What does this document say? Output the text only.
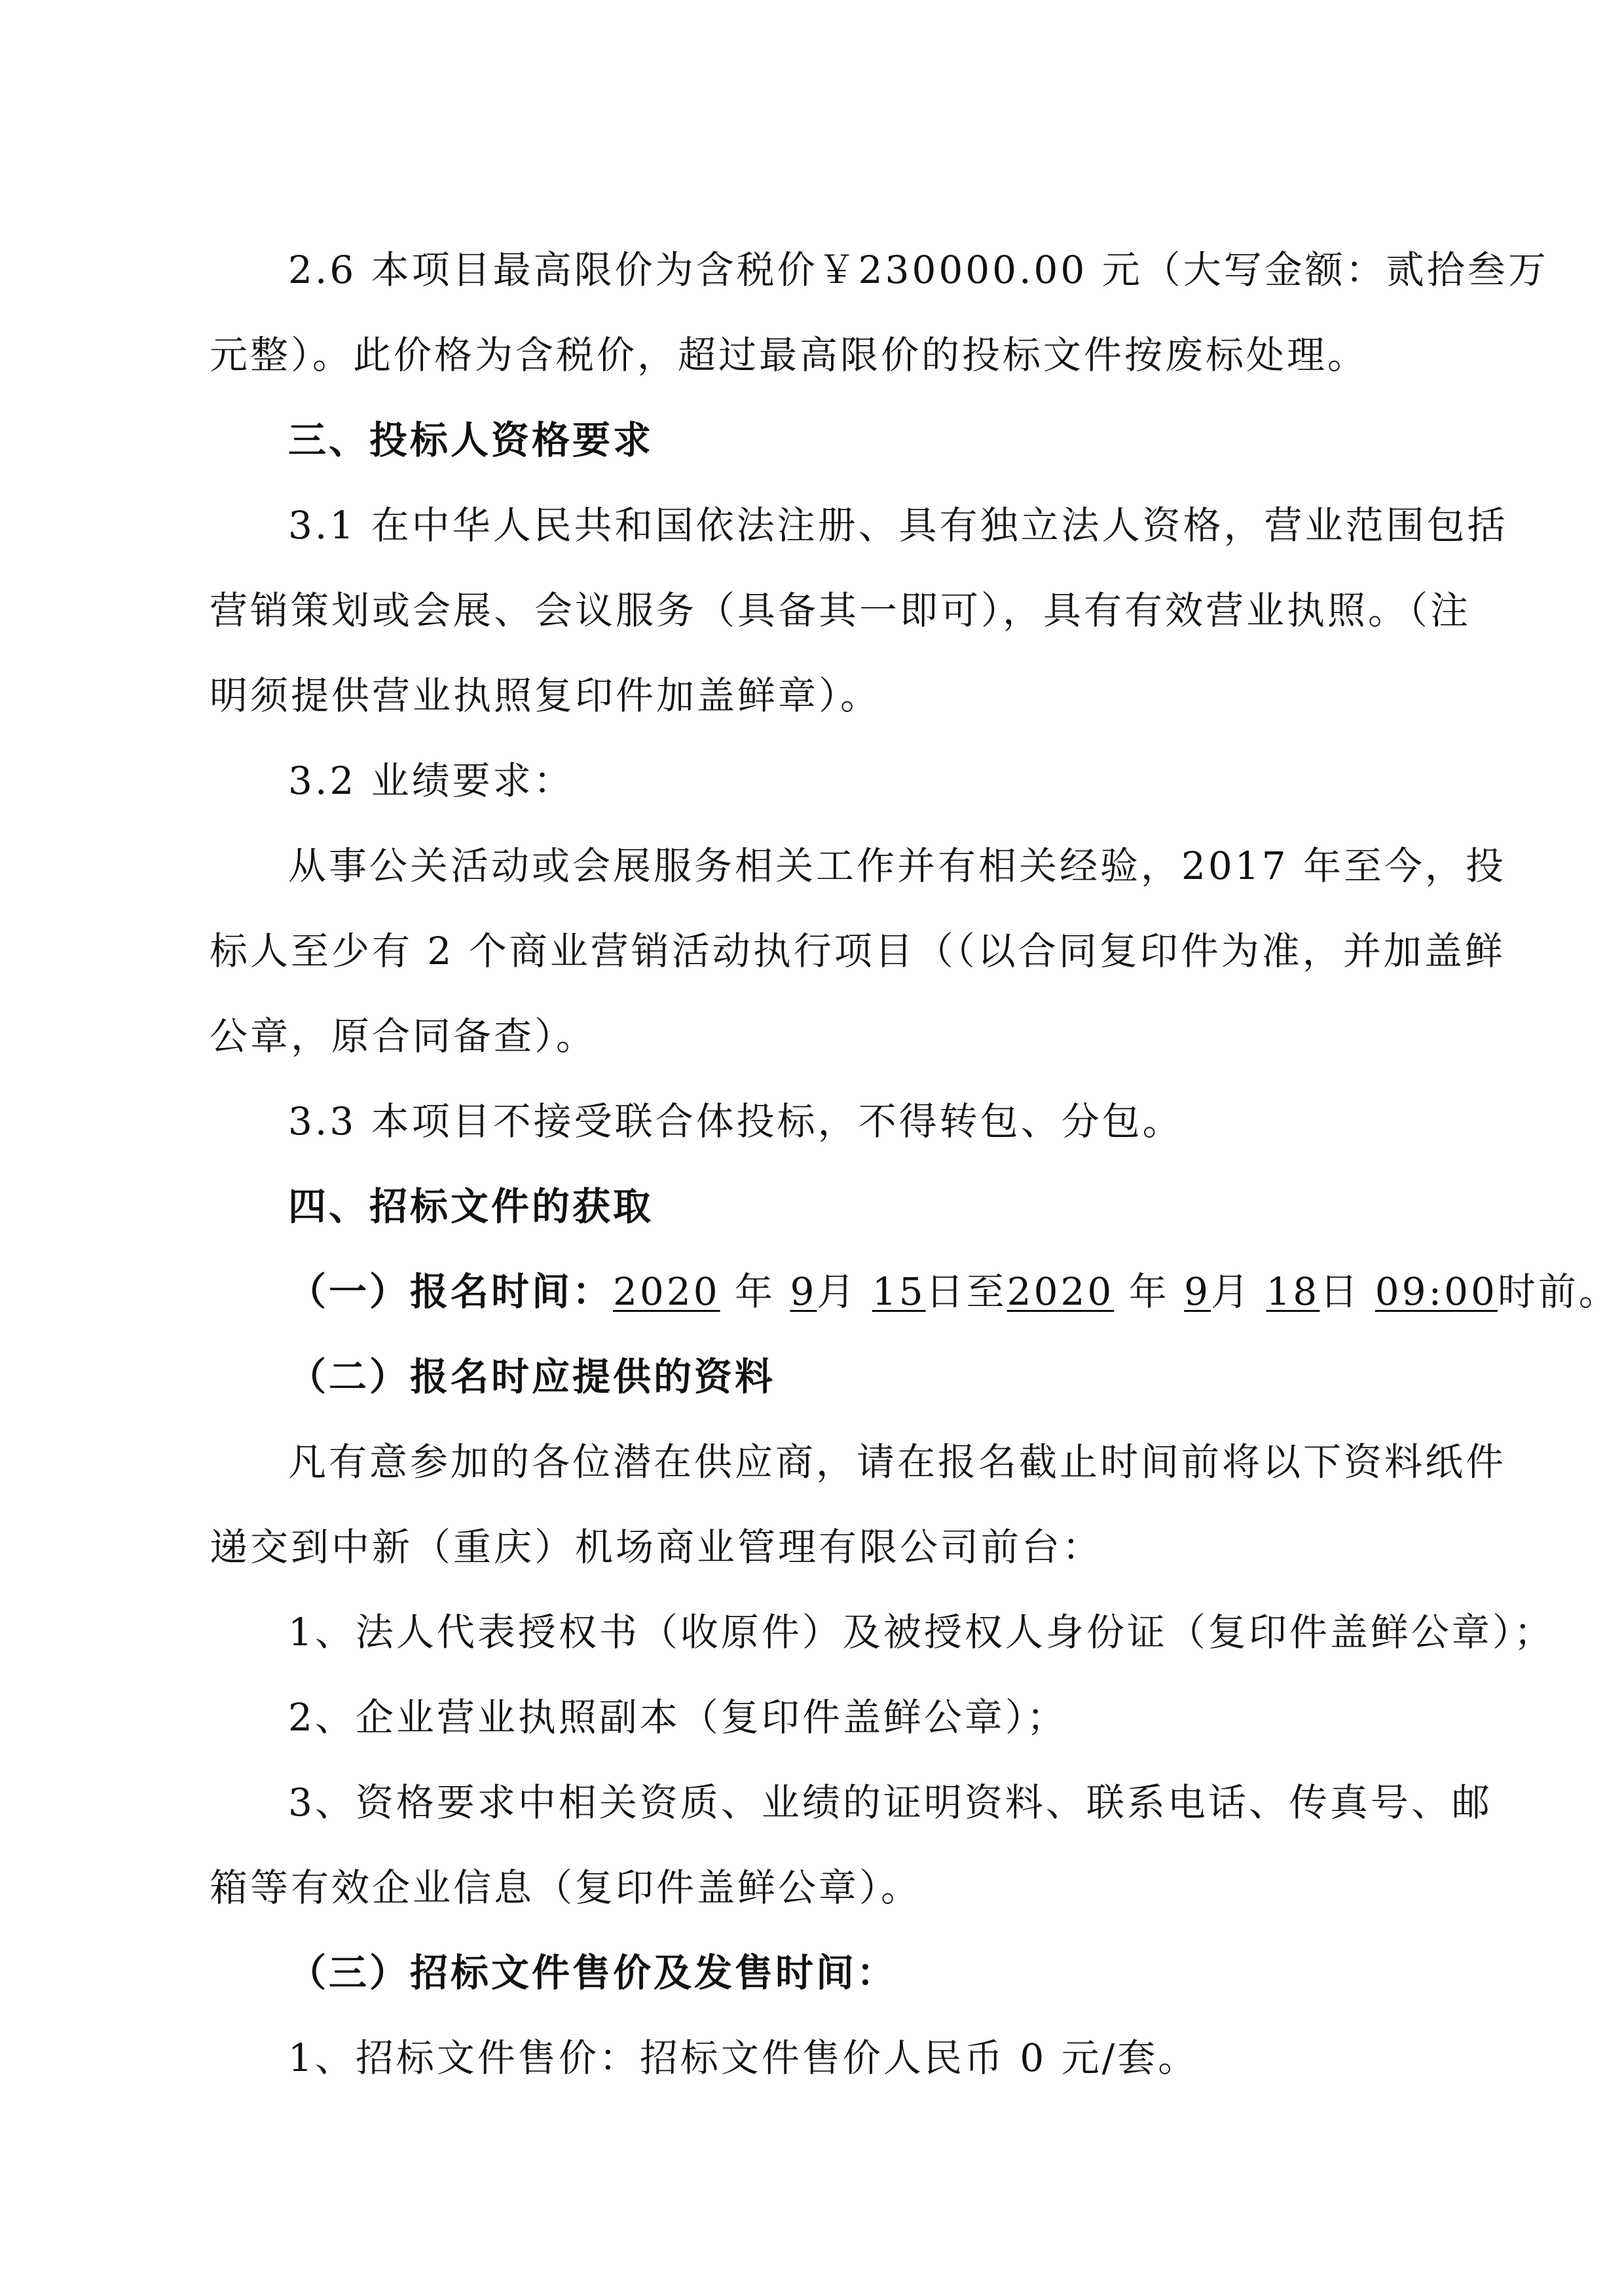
2.6 本项目最高限价为含税价￥230000.00 元（大写金额：贰拾叁万
元整）。此价格为含税价，超过最高限价的投标文件按废标处理。
三、投标人资格要求
3.1 在中华人民共和国依法注册、具有独立法人资格，营业范围包括
营销策划或会展、会议服务（具备其一即可），具有有效营业执照。（注
明须提供营业执照复印件加盖鲜章）。
3.2 业绩要求：
从事公关活动或会展服务相关工作并有相关经验，2017 年至今，投
标人至少有 2 个商业营销活动执行项目（（以合同复印件为准，并加盖鲜
公章，原合同备查）。
3.3 本项目不接受联合体投标，不得转包、分包。
四、招标文件的获取
（一）报名时间：2020 年 9月 15日至2020 年 9月 18日 09:00时前。
（二）报名时应提供的资料
凡有意参加的各位潜在供应商，请在报名截止时间前将以下资料纸件
递交到中新（重庆）机场商业管理有限公司前台：
1、法人代表授权书（收原件）及被授权人身份证（复印件盖鲜公章）；
2、企业营业执照副本（复印件盖鲜公章）；
3、资格要求中相关资质、业绩的证明资料、联系电话、传真号、邮
箱等有效企业信息（复印件盖鲜公章）。
（三）招标文件售价及发售时间：
1、招标文件售价：招标文件售价人民币 0 元/套。
